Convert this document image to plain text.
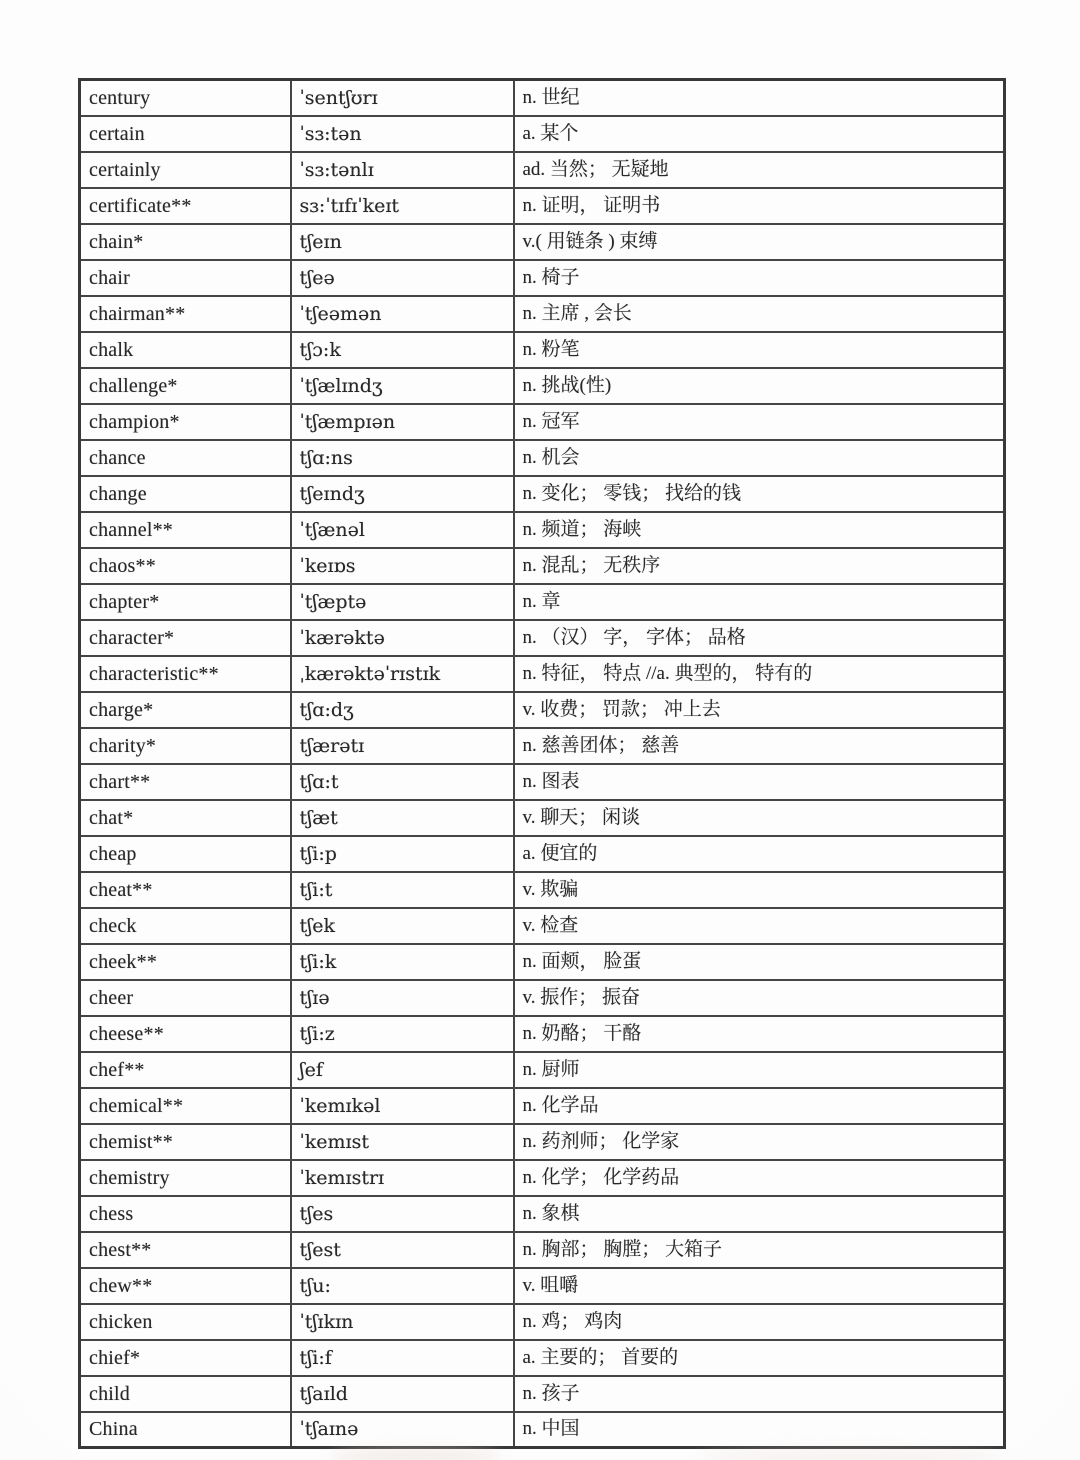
century	ˈsentʃʊrɪ	n. 世纪
certain	ˈsɜ:tən	a. 某个
certainly	ˈsɜ:tənlɪ	ad. 当然； 无疑地
certificate**	sɜ:ˈtɪfɪˈkeɪt	n. 证明， 证明书
chain*	tʃeɪn	v.( 用链条 ) 束缚
chair	tʃeə	n. 椅子
chairman**	ˈtʃeəmən	n. 主席 , 会长
chalk	tʃɔ:k	n. 粉笔
challenge*	ˈtʃælɪndʒ	n. 挑战(性)
champion*	ˈtʃæmpɪən	n. 冠军
chance	tʃɑ:ns	n. 机会
change	tʃeɪndʒ	n. 变化； 零钱； 找给的钱
channel**	ˈtʃænəl	n. 频道； 海峡
chaos**	ˈkeɪɒs	n. 混乱； 无秩序
chapter*	ˈtʃæptə	n. 章
character*	ˈkærəktə	n. （汉） 字， 字体； 品格
characteristic**	ˌkærəktəˈrɪstɪk	n. 特征， 特点 //a. 典型的， 特有的
charge*	tʃɑ:dʒ	v. 收费； 罚款； 冲上去
charity*	tʃærətɪ	n. 慈善团体； 慈善
chart**	tʃɑ:t	n. 图表
chat*	tʃæt	v. 聊天； 闲谈
cheap	tʃi:p	a. 便宜的
cheat**	tʃi:t	v. 欺骗
check	tʃek	v. 检查
cheek**	tʃi:k	n. 面颊， 脸蛋
cheer	tʃɪə	v. 振作； 振奋
cheese**	tʃi:z	n. 奶酪； 干酪
chef**	ʃef	n. 厨师
chemical**	ˈkemɪkəl	n. 化学品
chemist**	ˈkemɪst	n. 药剂师； 化学家
chemistry	ˈkemɪstrɪ	n. 化学； 化学药品
chess	tʃes	n. 象棋
chest**	tʃest	n. 胸部； 胸膛； 大箱子
chew**	tʃu:	v. 咀嚼
chicken	ˈtʃɪkɪn	n. 鸡； 鸡肉
chief*	tʃi:f	a. 主要的； 首要的
child	tʃaɪld	n. 孩子
China	ˈtʃaɪnə	n. 中国
